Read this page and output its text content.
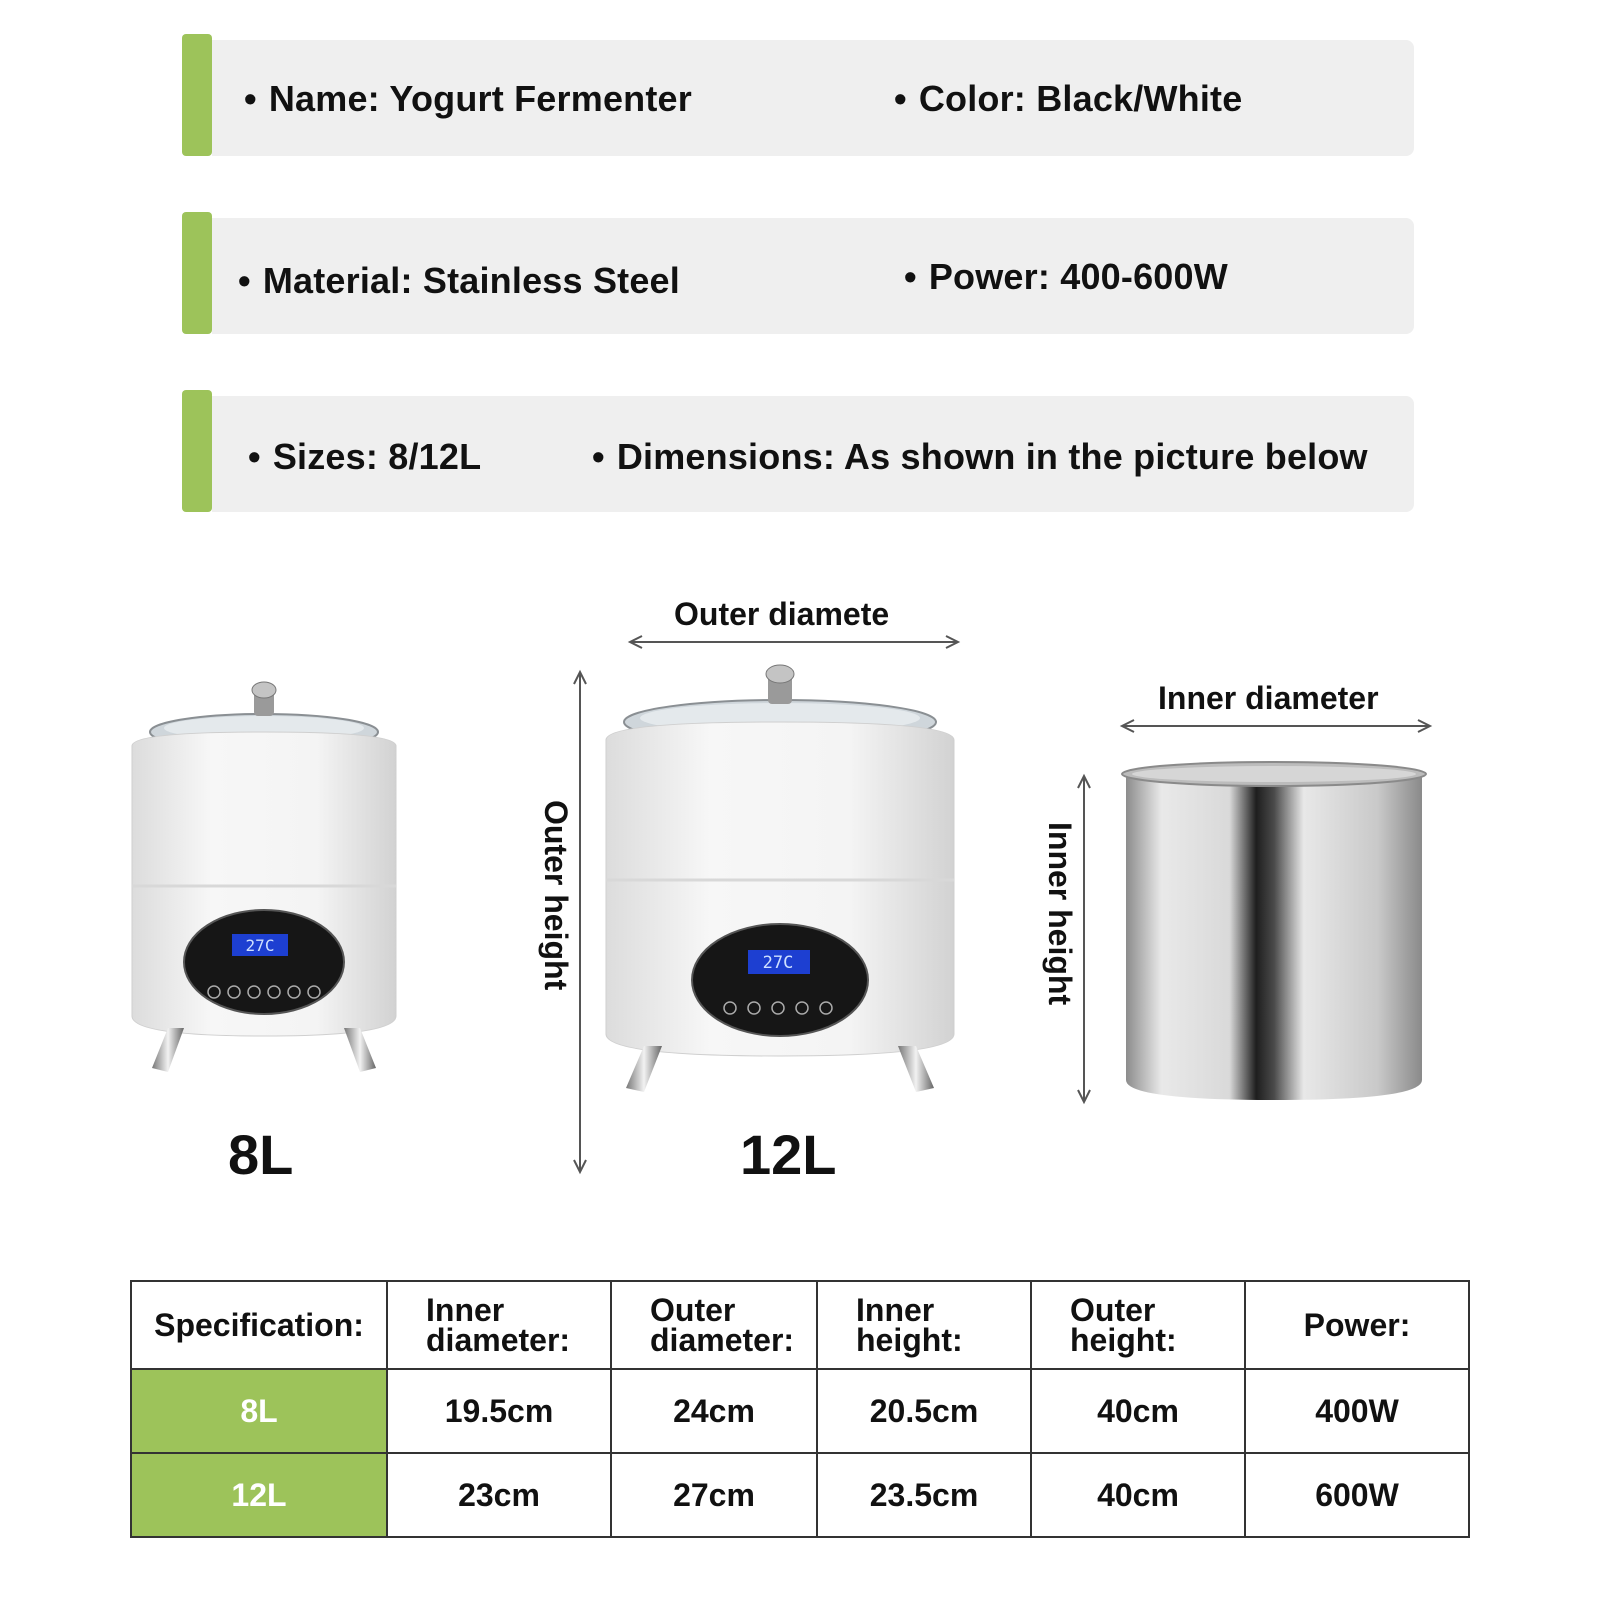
• Name: Yogurt Fermenter	• Color: Black/White
• Material: Stainless Steel	• Power: 400-600W
• Sizes: 8/12L	• Dimensions: As shown in the picture below
Outer diamete
Outer height
Inner diameter
Inner height
27C
8L
27C
12L
Specification:	Inner diameter:	Outer diameter:	Inner height:	Outer height:	Power:
8L	19.5cm	24cm	20.5cm	40cm	400W
12L	23cm	27cm	23.5cm	40cm	600W
